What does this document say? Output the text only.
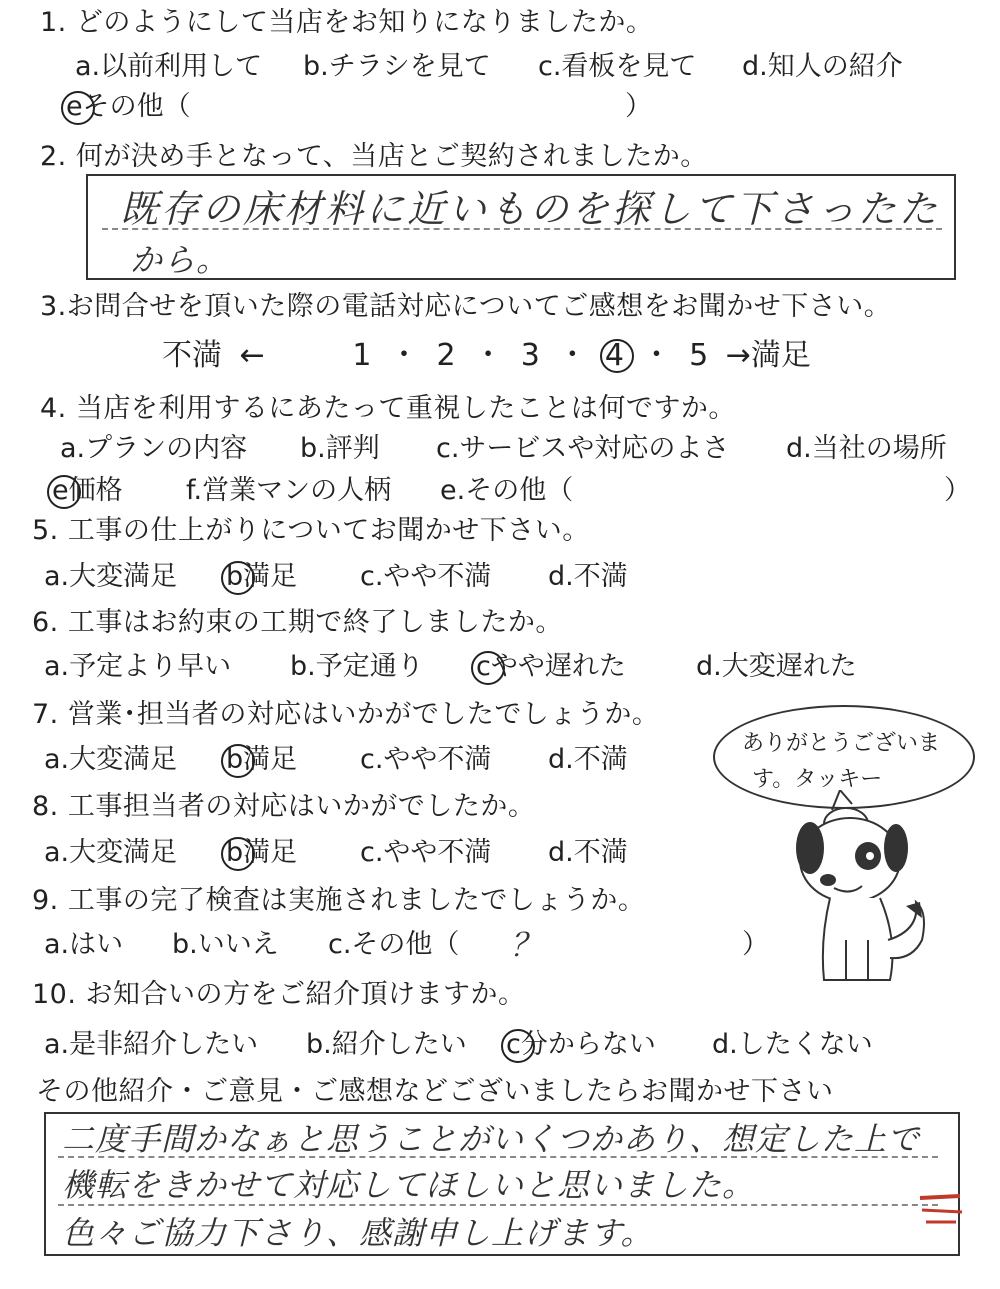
1. どのようにして当店をお知りになりましたか。
a.以前利用して b.チラシを見て c.看板を見て d.知人の紹介
eその他（	）
2. 何が決め手となって、当店とご契約されましたか。
既存の床材料に近いものを探して下さったた
から。
3.お問合せを頂いた際の電話対応についてご感想をお聞かせ下さい。
不満 ←	1 ・ 2 ・ 3 ・ 4 ・ 5 →満足
4. 当店を利用するにあたって重視したことは何ですか。
a.プランの内容 b.評判 c.サービスや対応のよさ d.当社の場所
e価格 f.営業マンの人柄 e.その他（	）
5. 工事の仕上がりについてお聞かせ下さい。
a.大変満足 b満足 c.やや不満 d.不満
6. 工事はお約束の工期で終了しましたか。
a.予定より早い b.予定通り cやや遅れた	d.大変遅れた
7. 営業･担当者の対応はいかがでしたでしょうか。
a.大変満足 b満足 c.やや不満 d.不満
8. 工事担当者の対応はいかがでしたか。
a.大変満足 b満足 c.やや不満 d.不満
9. 工事の完了検査は実施されましたでしょうか。
a.はい b.いいえ c.その他（ ？	）
10. お知合いの方をご紹介頂けますか。
a.是非紹介したい b.紹介したい c分からない d.したくない
その他紹介・ご意見・ご感想などございましたらお聞かせ下さい
二度手間かなぁと思うことがいくつかあり、想定した上で
機転をきかせて対応してほしいと思いました。
色々ご協力下さり、感謝申し上げます。
ありがとうございま
す。タッキー
